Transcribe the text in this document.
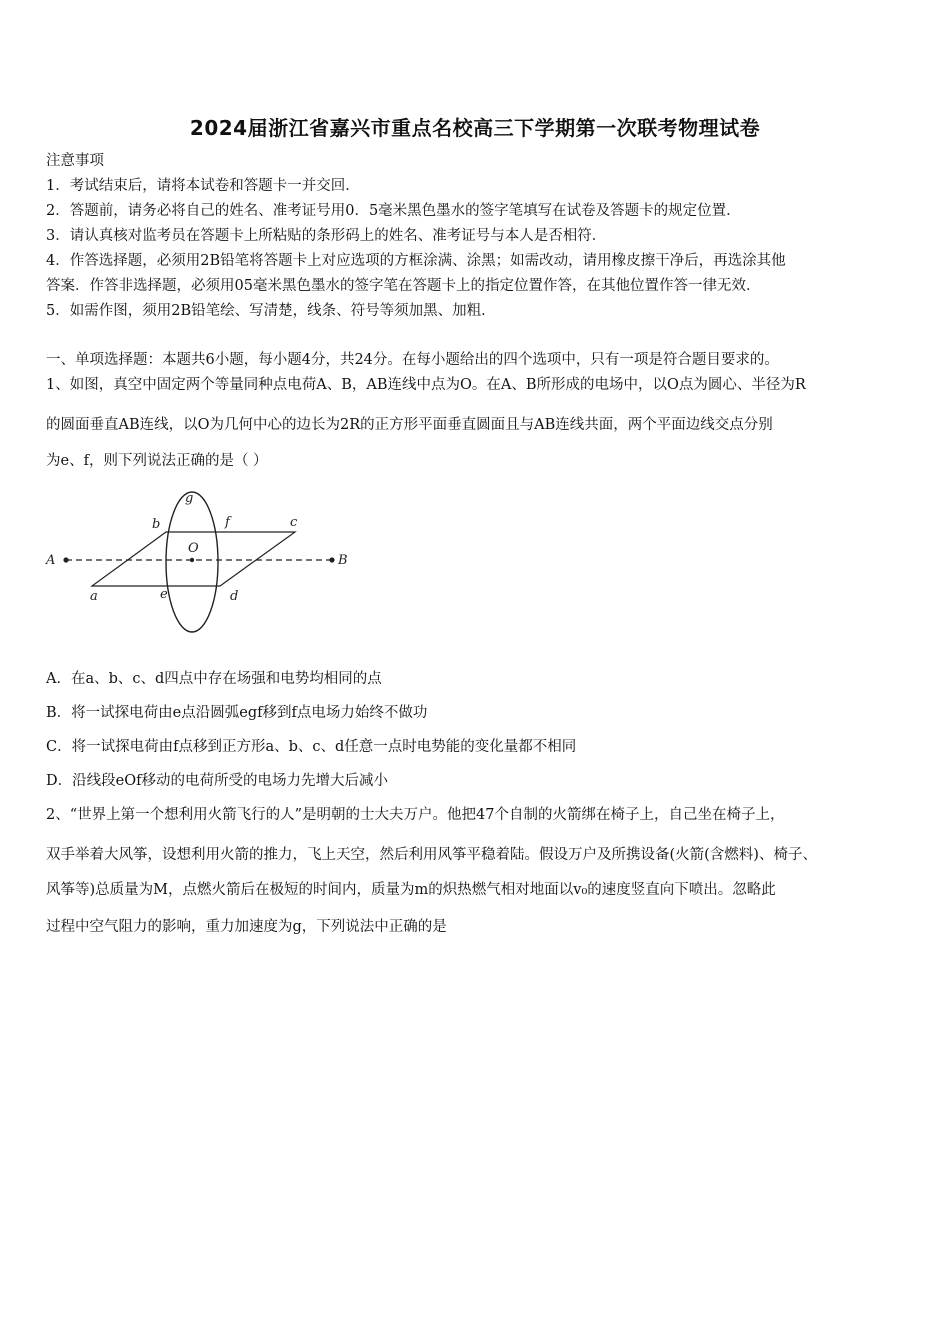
2024届浙江省嘉兴市重点名校高三下学期第一次联考物理试卷
注意事项
1．考试结束后，请将本试卷和答题卡一并交回．
2．答题前，请务必将自己的姓名、准考证号用0．5毫米黑色墨水的签字笔填写在试卷及答题卡的规定位置．
3．请认真核对监考员在答题卡上所粘贴的条形码上的姓名、准考证号与本人是否相符．
4．作答选择题，必须用2B铅笔将答题卡上对应选项的方框涂满、涂黑；如需改动，请用橡皮擦干净后，再选涂其他
答案．作答非选择题，必须用05毫米黑色墨水的签字笔在答题卡上的指定位置作答，在其他位置作答一律无效．
5．如需作图，须用2B铅笔绘、写清楚，线条、符号等须加黑、加粗．
一、单项选择题：本题共6小题，每小题4分，共24分。在每小题给出的四个选项中，只有一项是符合题目要求的。
1、如图，真空中固定两个等量同种点电荷A、B，AB连线中点为O。在A、B所形成的电场中，以O点为圆心、半径为R
的圆面垂直AB连线，以O为几何中心的边长为2R的正方形平面垂直圆面且与AB连线共面，两个平面边线交点分别
为e、f，则下列说法正确的是（ ）
A	B
O
a
b	c
d
e
f
g
A．在a、b、c、d四点中存在场强和电势均相同的点
B．将一试探电荷由e点沿圆弧egf移到f点电场力始终不做功
C．将一试探电荷由f点移到正方形a、b、c、d任意一点时电势能的变化量都不相同
D．沿线段eOf移动的电荷所受的电场力先增大后减小
2、“世界上第一个想利用火箭飞行的人”是明朝的士大夫万户。他把47个自制的火箭绑在椅子上，自己坐在椅子上，
双手举着大风筝，设想利用火箭的推力，飞上天空，然后利用风筝平稳着陆。假设万户及所携设备(火箭(含燃料)、椅子、
风筝等)总质量为M，点燃火箭后在极短的时间内，质量为m的炽热燃气相对地面以v₀的速度竖直向下喷出。忽略此
过程中空气阻力的影响，重力加速度为g，下列说法中正确的是
